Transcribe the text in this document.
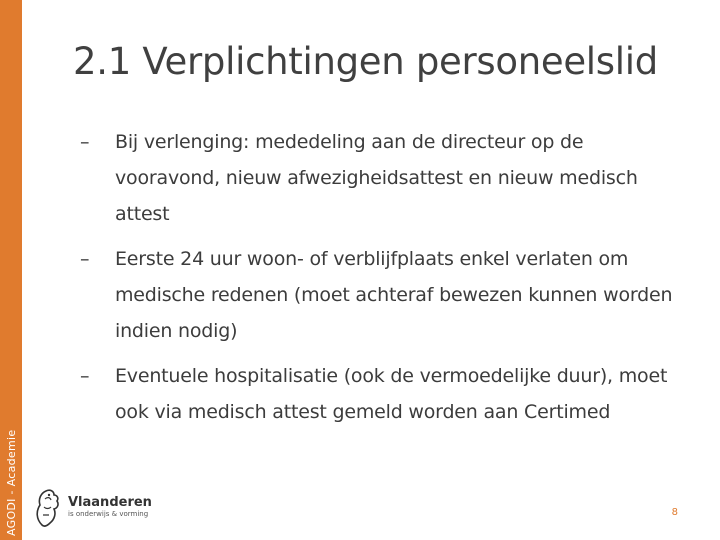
AGODI - Academie
2.1 Verplichtingen personeelslid
–	Bij verlenging: mededeling aan de directeur op de vooravond, nieuw afwezigheidsattest en nieuw medisch attest
–	Eerste 24 uur woon- of verblijfplaats enkel verlaten om medische redenen (moet achteraf bewezen kunnen worden indien nodig)
–	Eventuele hospitalisatie (ook de vermoedelijke duur), moet ook via medisch attest gemeld worden aan Certimed
Vlaanderen
is onderwijs & vorming	8
